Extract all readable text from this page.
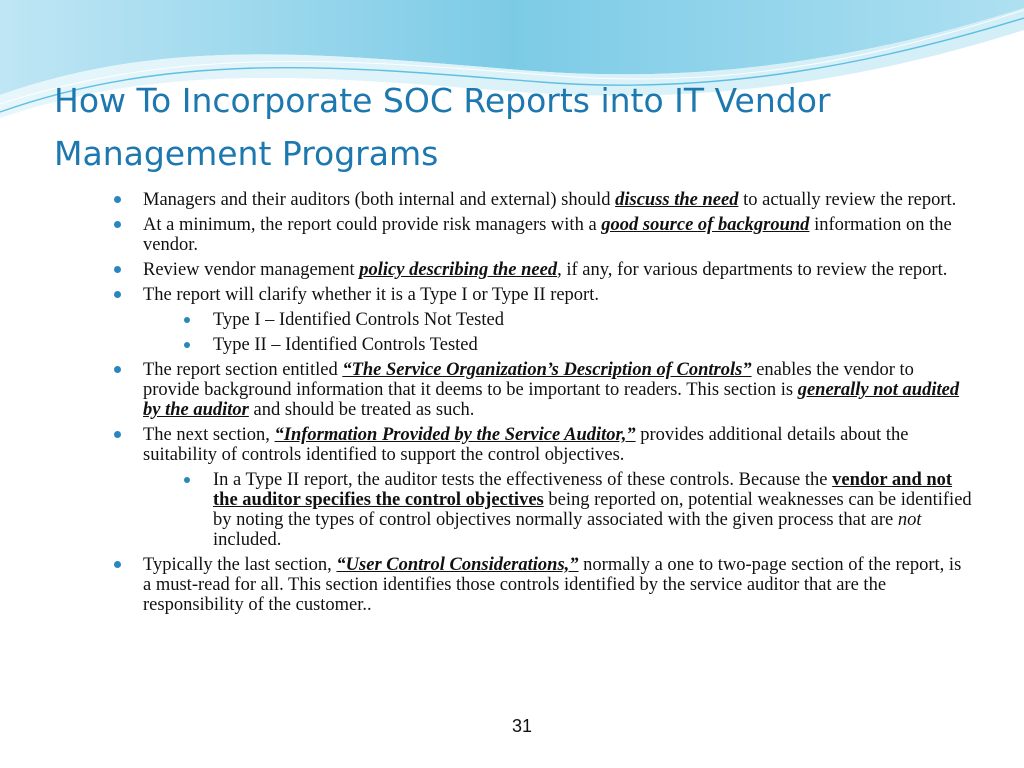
How To Incorporate SOC Reports into IT Vendor Management Programs
Managers and their auditors (both internal and external) should discuss the need to actually review the report.
At a minimum, the report could provide risk managers with a good source of background information on the vendor.
Review vendor management policy describing the need, if any, for various departments to review the report.
The report will clarify whether it is a Type I or Type II report.
Type I – Identified Controls Not Tested
Type II – Identified Controls Tested
The report section entitled “The Service Organization’s Description of Controls” enables the vendor to provide background information that it deems to be important to readers. This section is generally not audited by the auditor and should be treated as such.
The next section, “Information Provided by the Service Auditor,” provides additional details about the suitability of controls identified to support the control objectives.
In a Type II report, the auditor tests the effectiveness of these controls. Because the vendor and not the auditor specifies the control objectives being reported on, potential weaknesses can be identified by noting the types of control objectives normally associated with the given process that are not included.
Typically the last section, “User Control Considerations,” normally a one to two-page section of the report, is a must-read for all. This section identifies those controls identified by the service auditor that are the responsibility of the customer..
31
